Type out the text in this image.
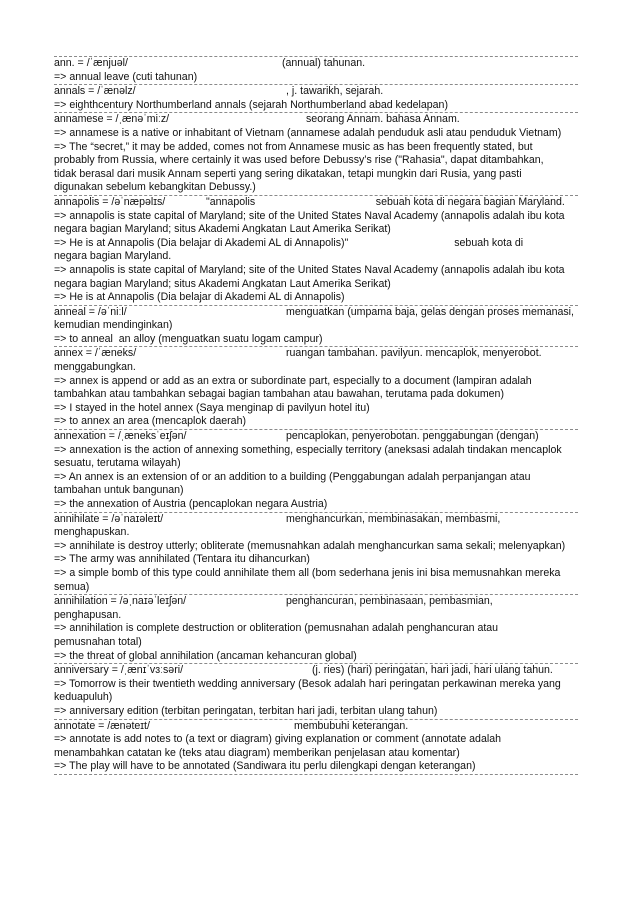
ann. = /ˈænjuəl/	(annual) tahunan.
=> annual leave (cuti tahunan)
annals = /ˈænəlz/	, j. tawarikh, sejarah.
=> eighthcentury Northumberland annals (sejarah Northumberland abad kedelapan)
annamese = /ˌænəˈmiːz/	seorang Annam. bahasa Annam.
=> annamese is a native or inhabitant of Vietnam (annamese adalah penduduk asli atau penduduk Vietnam)
=> The “secret,” it may be added, comes not from Annamese music as has been frequently stated, but
probably from Russia, where certainly it was used before Debussy’s rise ("Rahasia", dapat ditambahkan,
tidak berasal dari musik Annam seperti yang sering dikatakan, tetapi mungkin dari Rusia, yang pasti
digunakan sebelum kebangkitan Debussy.)
annapolis = /əˈnæpəlɪs/	"annapolis                                         sebuah kota di negara bagian Maryland.
=> annapolis is state capital of Maryland; site of the United States Naval Academy (annapolis adalah ibu kota
negara bagian Maryland; situs Akademi Angkatan Laut Amerika Serikat)
=> He is at Annapolis (Dia belajar di Akademi AL di Annapolis)"                                    sebuah kota di
negara bagian Maryland.
=> annapolis is state capital of Maryland; site of the United States Naval Academy (annapolis adalah ibu kota
negara bagian Maryland; situs Akademi Angkatan Laut Amerika Serikat)
=> He is at Annapolis (Dia belajar di Akademi AL di Annapolis)
anneal = /əˈniːl/	menguatkan (umpama baja, gelas dengan proses memanasi,
kemudian mendinginkan)
=> to anneal  an alloy (menguatkan suatu logam campur)
annex = /ˈæneks/	ruangan tambahan. pavilyun. mencaplok, menyerobot.
menggabungkan.
=> annex is append or add as an extra or subordinate part, especially to a document (lampiran adalah
tambahkan atau tambahkan sebagai bagian tambahan atau bawahan, terutama pada dokumen)
=> I stayed in the hotel annex (Saya menginap di pavilyun hotel itu)
=> to annex an area (mencaplok daerah)
annexation = /ˌæneksˈeɪʃən/	pencaplokan, penyerobotan. penggabungan (dengan)
=> annexation is the action of annexing something, especially territory (aneksasi adalah tindakan mencaplok
sesuatu, terutama wilayah)
=> An annex is an extension of or an addition to a building (Penggabungan adalah perpanjangan atau
tambahan untuk bangunan)
=> the annexation of Austria (pencaplokan negara Austria)
annihilate = /əˈnaɪəleɪt/	menghancurkan, membinasakan, membasmi,
menghapuskan.
=> annihilate is destroy utterly; obliterate (memusnahkan adalah menghancurkan sama sekali; melenyapkan)
=> The army was annihilated (Tentara itu dihancurkan)
=> a simple bomb of this type could annihilate them all (bom sederhana jenis ini bisa memusnahkan mereka
semua)
annihilation = /əˌnaɪəˈleɪʃən/	penghancuran, pembinasaan, pembasmian,
penghapusan.
=> annihilation is complete destruction or obliteration (pemusnahan adalah penghancuran atau
pemusnahan total)
=> the threat of global annihilation (ancaman kehancuran global)
anniversary = /ˌænɪˈvɜːsəri/	(j. ries) (hari) peringatan, hari jadi, hari ulang tahun.
=> Tomorrow is their twentieth wedding anniversary (Besok adalah hari peringatan perkawinan mereka yang
keduapuluh)
=> anniversary edition (terbitan peringatan, terbitan hari jadi, terbitan ulang tahun)
annotate = /ænəteɪt/	membubuhi keterangan.
=> annotate is add notes to (a text or diagram) giving explanation or comment (annotate adalah
menambahkan catatan ke (teks atau diagram) memberikan penjelasan atau komentar)
=> The play will have to be annotated (Sandiwara itu perlu dilengkapi dengan keterangan)
